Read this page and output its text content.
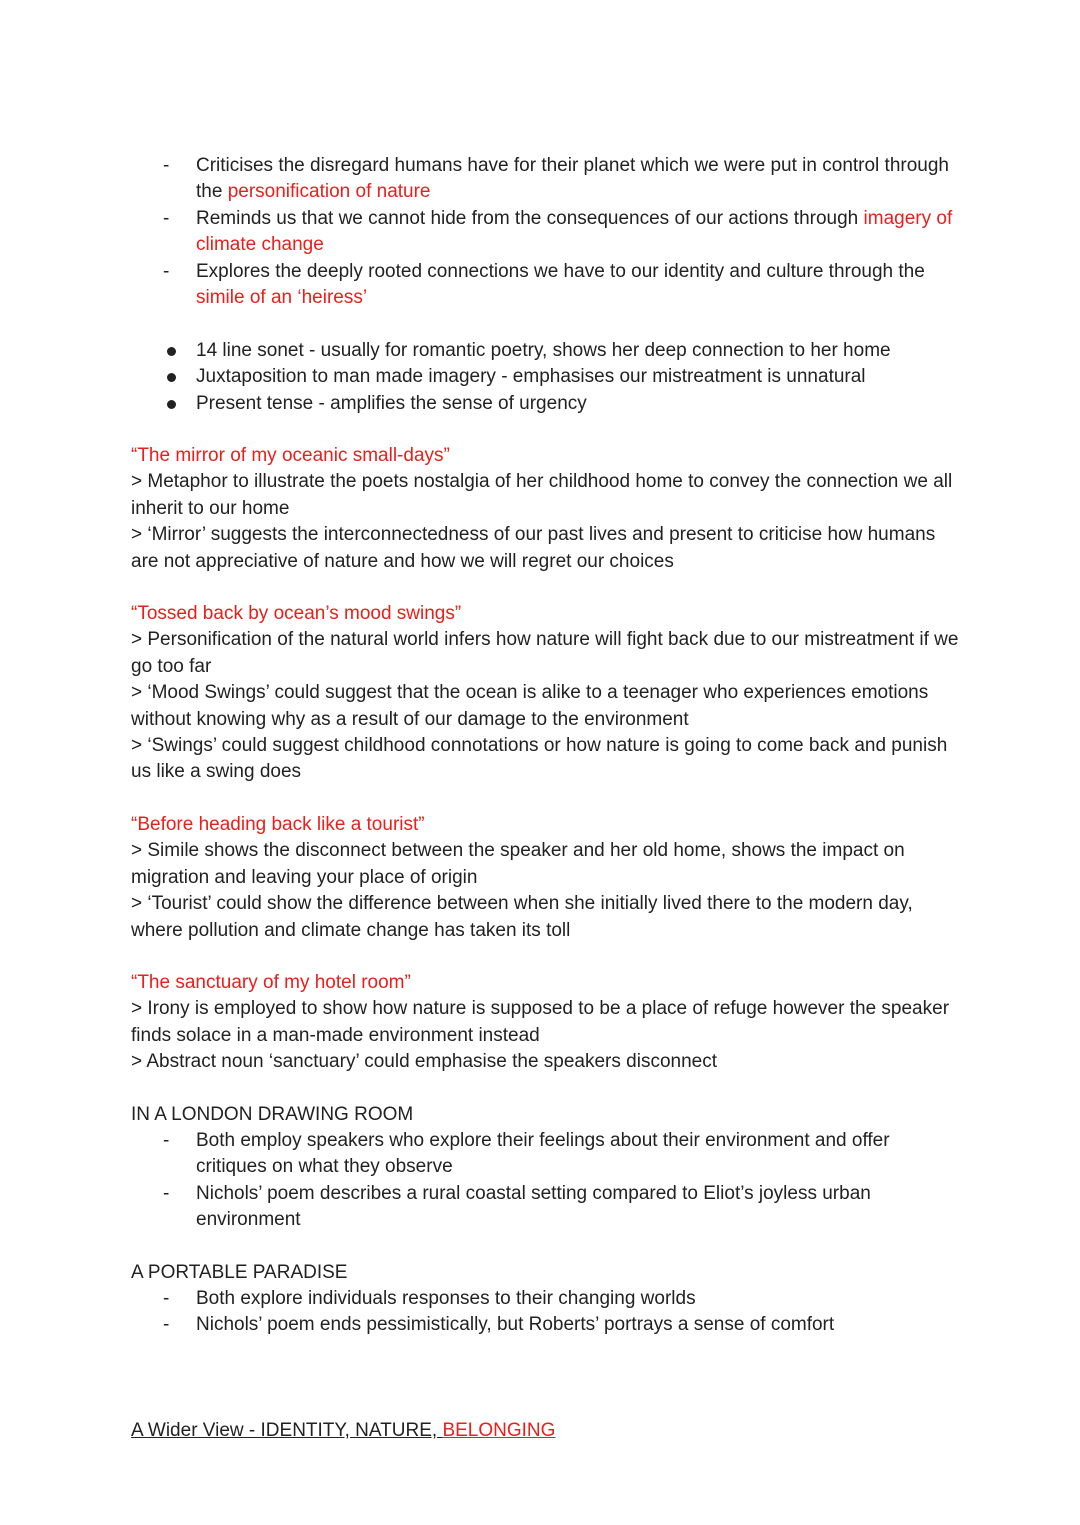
- Criticises the disregard humans have for their planet which we were put in control through the personification of nature
- Reminds us that we cannot hide from the consequences of our actions through imagery of climate change
- Explores the deeply rooted connections we have to our identity and culture through the simile of an ‘heiress’
14 line sonet - usually for romantic poetry, shows her deep connection to her home
Juxtaposition to man made imagery - emphasises our mistreatment is unnatural
Present tense - amplifies the sense of urgency

“The mirror of my oceanic small-days”

> Metaphor to illustrate the poets nostalgia of her childhood home to convey the connection we all inherit to our home

> ‘Mirror’ suggests the interconnectedness of our past lives and present to criticise how humans are not appreciative of nature and how we will regret our choices

“Tossed back by ocean’s mood swings”

> Personification of the natural world infers how nature will fight back due to our mistreatment if we go too far

> ‘Mood Swings’ could suggest that the ocean is alike to a teenager who experiences emotions without knowing why as a result of our damage to the environment

> ‘Swings’ could suggest childhood connotations or how nature is going to come back and punish us like a swing does

“Before heading back like a tourist”

> Simile shows the disconnect between the speaker and her old home, shows the impact on migration and leaving your place of origin

> ‘Tourist’ could show the difference between when she initially lived there to the modern day, where pollution and climate change has taken its toll

“The sanctuary of my hotel room”

> Irony is employed to show how nature is supposed to be a place of refuge however the speaker finds solace in a man-made environment instead

> Abstract noun ‘sanctuary’ could emphasise the speakers disconnect

IN A LONDON DRAWING ROOM

- Both employ speakers who explore their feelings about their environment and offer critiques on what they observe
- Nichols’ poem describes a rural coastal setting compared to Eliot’s joyless urban environment

A PORTABLE PARADISE

- Both explore individuals responses to their changing worlds
- Nichols’ poem ends pessimistically, but Roberts’ portrays a sense of comfort
A Wider View - IDENTITY, NATURE, BELONGING
